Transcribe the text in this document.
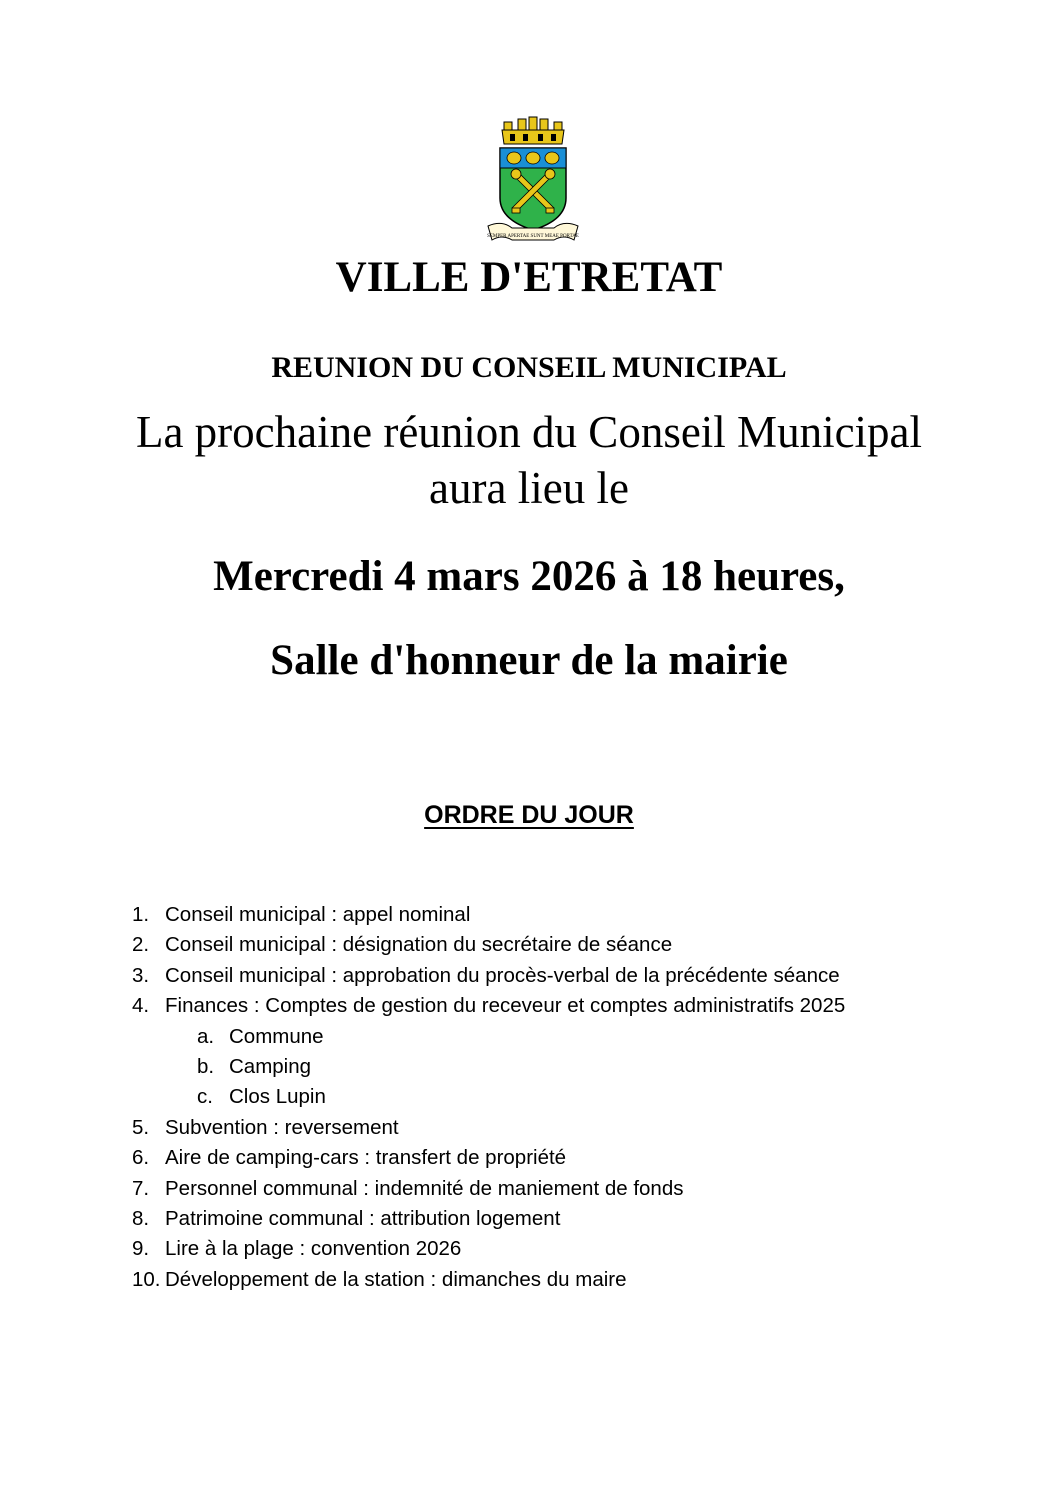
SEMPER APERTAE SUNT MEAE PORTAE
VILLE D'ETRETAT
REUNION DU CONSEIL MUNICIPAL
La prochaine réunion du Conseil Municipal
aura lieu le
Mercredi 4 mars 2026 à 18 heures,
Salle d'honneur de la mairie
ORDRE DU JOUR
1. Conseil municipal : appel nominal
2. Conseil municipal : désignation du secrétaire de séance
3. Conseil municipal : approbation du procès-verbal de la précédente séance
4. Finances : Comptes de gestion du receveur et comptes administratifs 2025
a. Commune
b. Camping
c. Clos Lupin
5. Subvention : reversement
6. Aire de camping-cars : transfert de propriété
7. Personnel communal : indemnité de maniement de fonds
8. Patrimoine communal : attribution logement
9. Lire à la plage : convention 2026
10. Développement de la station : dimanches du maire
